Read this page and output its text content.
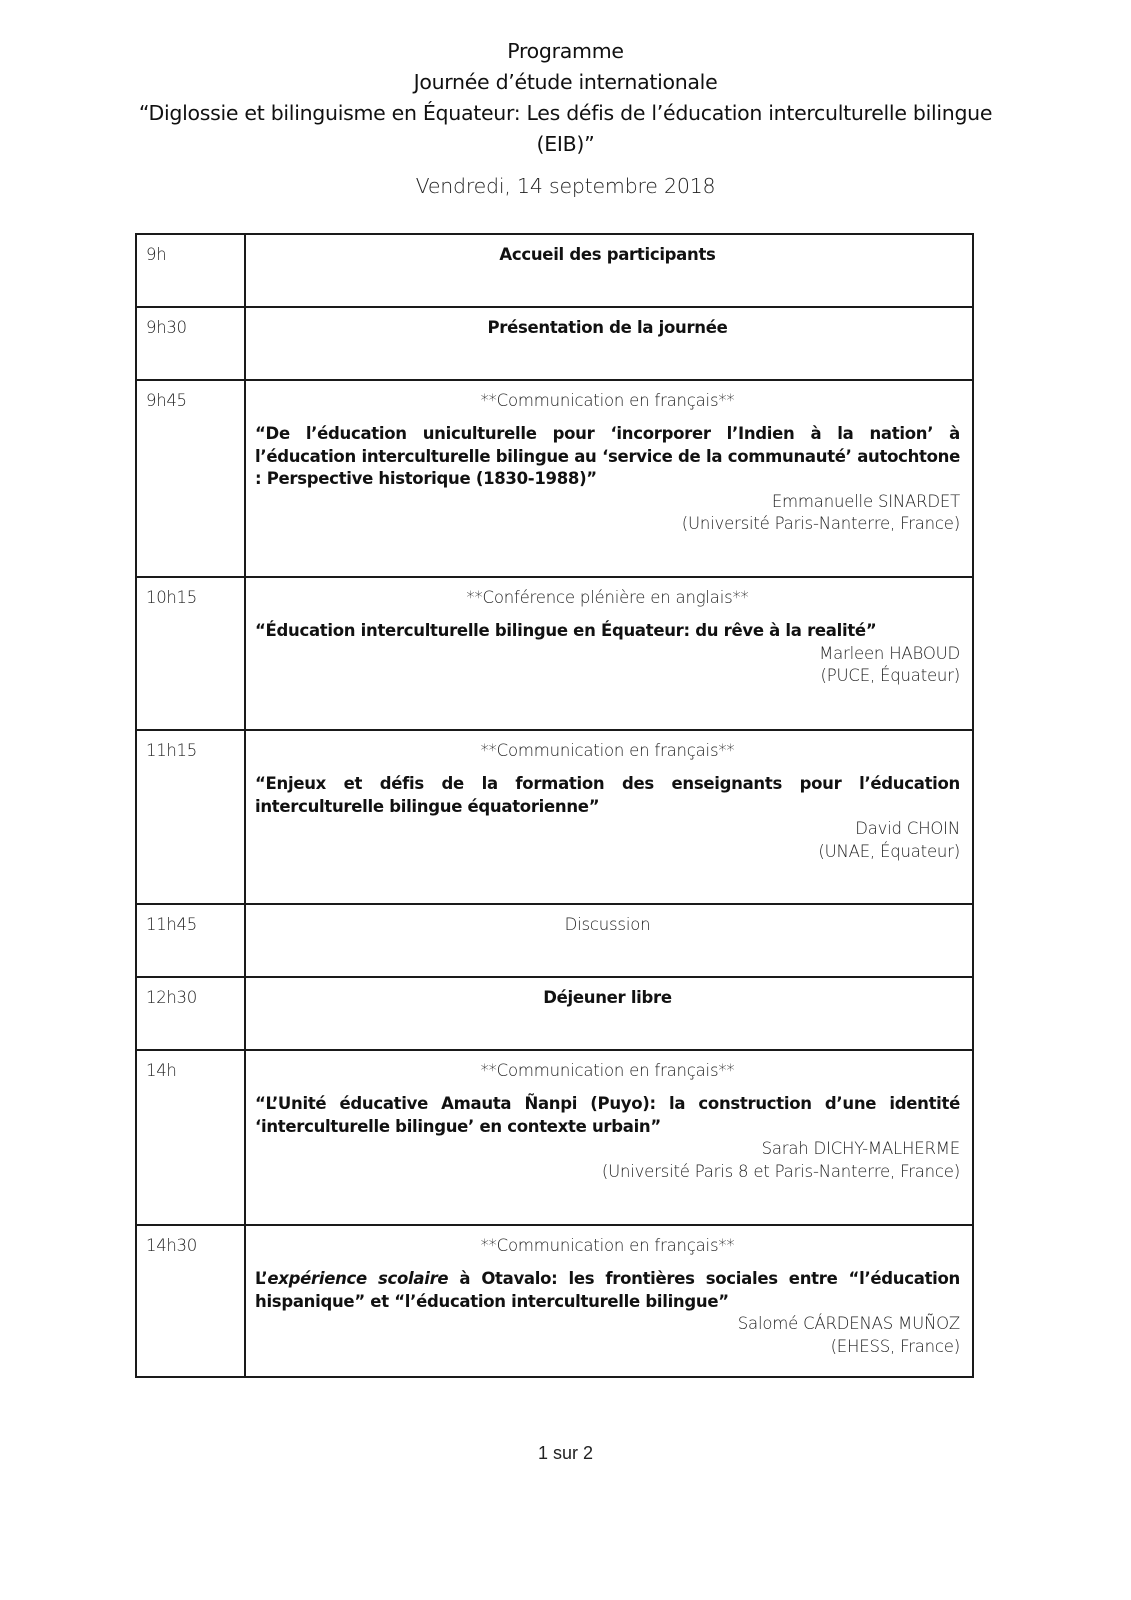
Programme
Journée d’étude internationale
“Diglossie et bilinguisme en Équateur: Les défis de l’éducation interculturelle bilingue (EIB)”
Vendredi, 14 septembre 2018
9h	Accueil des participants

9h30	Présentation de la journée

9h45	**Communication en français**
“De l’éducation uniculturelle pour ‘incorporer l’Indien à la nation’ à l’éducation interculturelle bilingue au ‘service de la communauté’ autochtone : Perspective historique (1830-1988)”
Emmanuelle SINARDET
(Université Paris-Nanterre, France)

10h15	**Conférence plénière en anglais**
“Éducation interculturelle bilingue en Équateur: du rêve à la realité”
Marleen HABOUD
(PUCE, Équateur)

11h15	**Communication en français**
“Enjeux et défis de la formation des enseignants pour l’éducation interculturelle bilingue équatorienne”
David CHOIN
(UNAE, Équateur)

11h45	Discussion

12h30	Déjeuner libre

14h	**Communication en français**
“L’Unité éducative Amauta Ñanpi (Puyo): la construction d’une identité ‘interculturelle bilingue’ en contexte urbain”
Sarah DICHY-MALHERME
(Université Paris 8 et Paris-Nanterre, France)

14h30	**Communication en français**
L’expérience scolaire à Otavalo: les frontières sociales entre “l’éducation hispanique” et “l’éducation interculturelle bilingue”
Salomé CÁRDENAS MUÑOZ
(EHESS, France)
1 sur 2
